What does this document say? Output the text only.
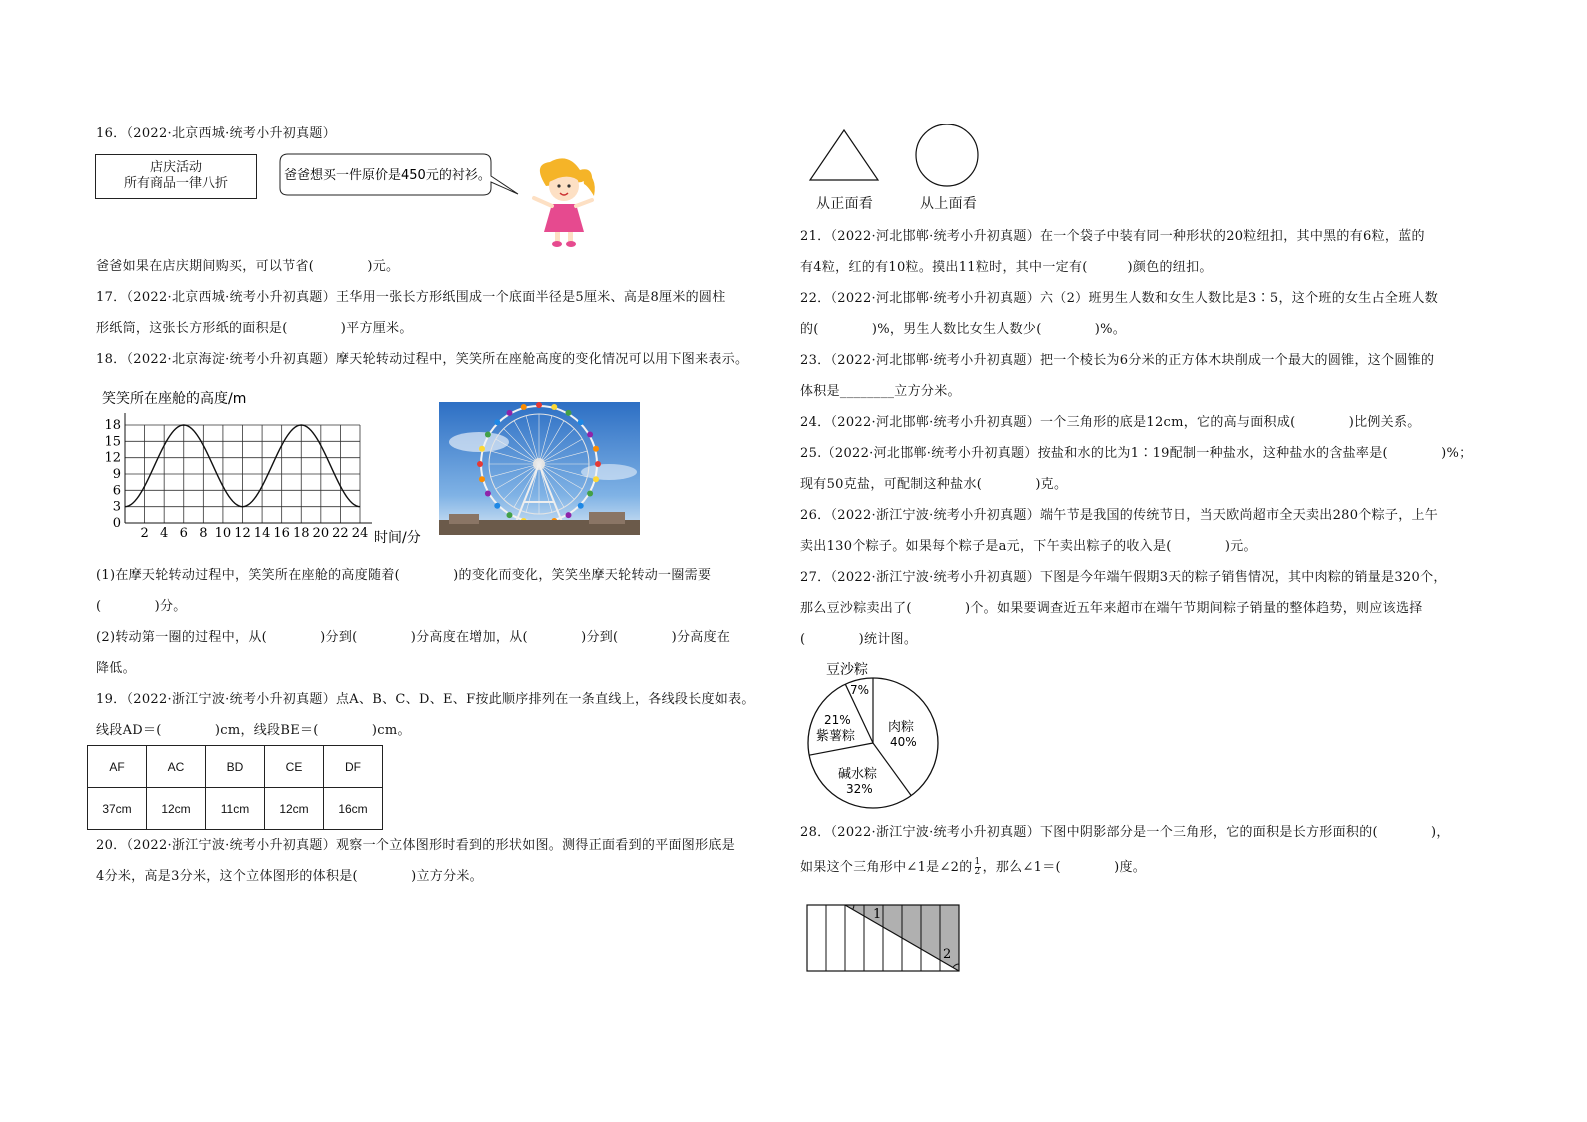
16．（2022·北京西城·统考小升初真题）
店庆活动
所有商品一律八折
爸爸想买一件原价是450元的衬衫。
爸爸如果在店庆期间购买，可以节省(　　　　)元。
17．（2022·北京西城·统考小升初真题）王华用一张长方形纸围成一个底面半径是5厘米、高是8厘米的圆柱
形纸筒，这张长方形纸的面积是(　　　　)平方厘米。
18．（2022·北京海淀·统考小升初真题）摩天轮转动过程中，笑笑所在座舱高度的变化情况可以用下图来表示。
笑笑所在座舱的高度/m
时间/分
2 4 6 8 10 12 14 16 18 20 22 24
0
3
6
9
12
15
18
(1)在摩天轮转动过程中，笑笑所在座舱的高度随着(　　　　)的变化而变化，笑笑坐摩天轮转动一圈需要
(　　　　)分。
(2)转动第一圈的过程中，从(　　　　)分到(　　　　)分高度在增加，从(　　　　)分到(　　　　)分高度在
降低。
19．（2022·浙江宁波·统考小升初真题）点A、B、C、D、E、F按此顺序排列在一条直线上，各线段长度如表。
线段AD＝(　　　　)cm，线段BE＝(　　　　)cm。
AF	AC	BD	CE	DF
37cm	12cm	11cm	12cm	16cm
20．（2022·浙江宁波·统考小升初真题）观察一个立体图形时看到的形状如图。测得正面看到的平面图形底是
4分米，高是3分米，这个立体图形的体积是(　　　　)立方分米。
从正面看	从上面看
21．（2022·河北邯郸·统考小升初真题）在一个袋子中装有同一种形状的20粒纽扣，其中黑的有6粒，蓝的
有4粒，红的有10粒。摸出11粒时，其中一定有(　　　)颜色的纽扣。
22．（2022·河北邯郸·统考小升初真题）六（2）班男生人数和女生人数比是3∶5，这个班的女生占全班人数
的(　　　　)%，男生人数比女生人数少(　　　　)%。
23．（2022·河北邯郸·统考小升初真题）把一个棱长为6分米的正方体木块削成一个最大的圆锥，这个圆锥的
体积是________立方分米。
24．（2022·河北邯郸·统考小升初真题）一个三角形的底是12cm，它的高与面积成(　　　　)比例关系。
25.（2022·河北邯郸·统考小升初真题）按盐和水的比为1∶19配制一种盐水，这种盐水的含盐率是(　　　　)%；
现有50克盐，可配制这种盐水(　　　　)克。
26．（2022·浙江宁波·统考小升初真题）端午节是我国的传统节日，当天欧尚超市全天卖出280个粽子，上午
卖出130个粽子。如果每个粽子是a元，下午卖出粽子的收入是(　　　　)元。
27．（2022·浙江宁波·统考小升初真题）下图是今年端午假期3天的粽子销售情况，其中肉粽的销量是320个，
那么豆沙粽卖出了(　　　　)个。如果要调查近五年来超市在端午节期间粽子销量的整体趋势，则应该选择
(　　　　)统计图。
豆沙粽
7%
肉粽
40%
21%
紫薯粽
碱水粽
32%
28．（2022·浙江宁波·统考小升初真题）下图中阴影部分是一个三角形，它的面积是长方形面积的(　　　　)，
如果这个三角形中∠1是∠2的 $\frac{1}{2}$ ，那么∠1＝(　　　　)度。
1
2
